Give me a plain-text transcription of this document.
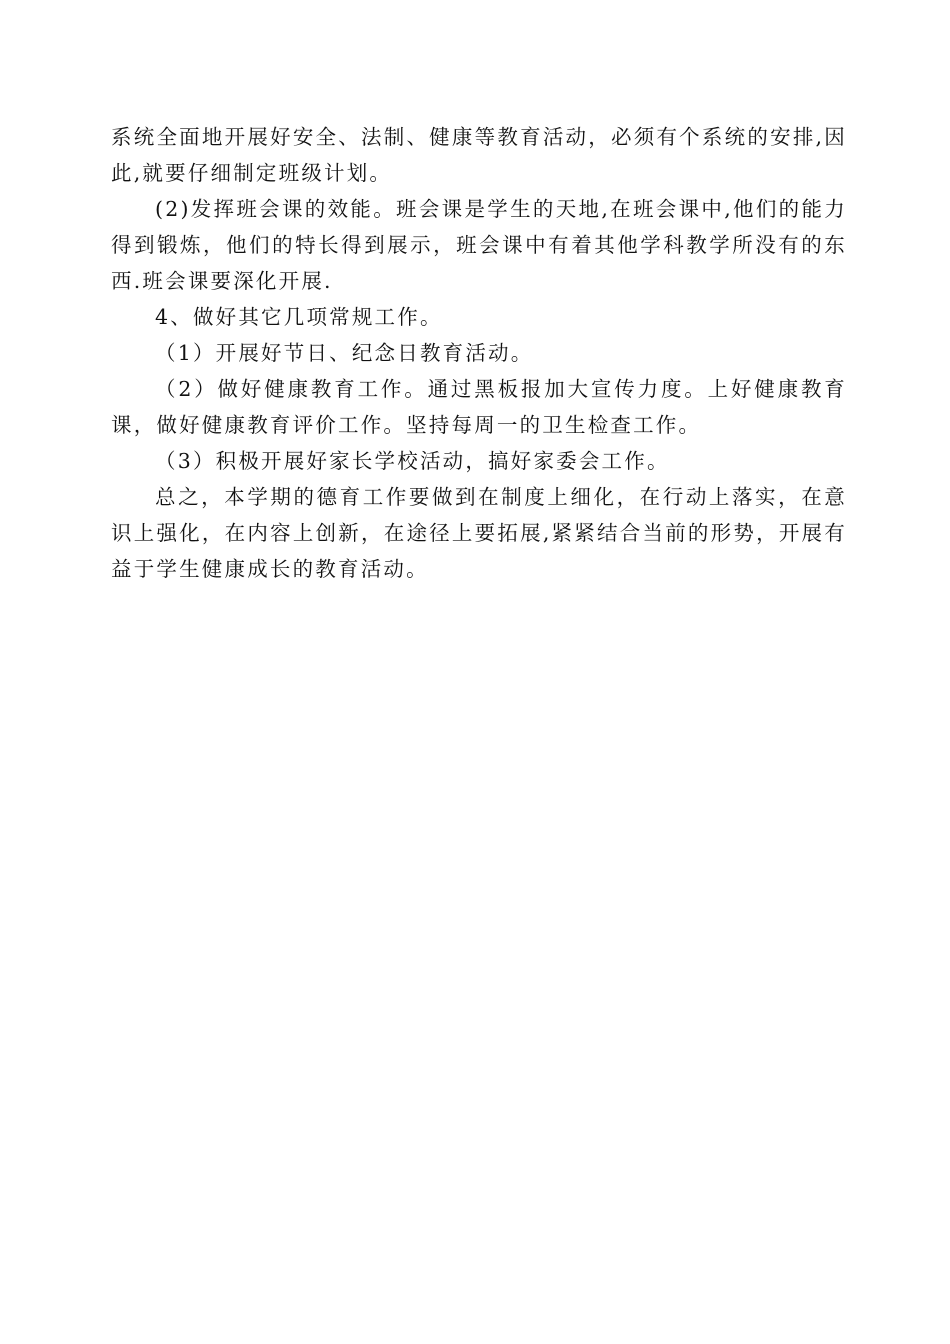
系统全面地开展好安全、法制、健康等教育活动，必须有个系统的安排,因此,就要仔细制定班级计划。

(2)发挥班会课的效能。班会课是学生的天地,在班会课中,他们的能力得到锻炼，他们的特长得到展示，班会课中有着其他学科教学所没有的东西.班会课要深化开展.

4、做好其它几项常规工作。

（1）开展好节日、纪念日教育活动。

（2）做好健康教育工作。通过黑板报加大宣传力度。上好健康教育课，做好健康教育评价工作。坚持每周一的卫生检查工作。

（3）积极开展好家长学校活动，搞好家委会工作。

总之，本学期的德育工作要做到在制度上细化，在行动上落实，在意识上强化，在内容上创新，在途径上要拓展,紧紧结合当前的形势，开展有益于学生健康成长的教育活动。
